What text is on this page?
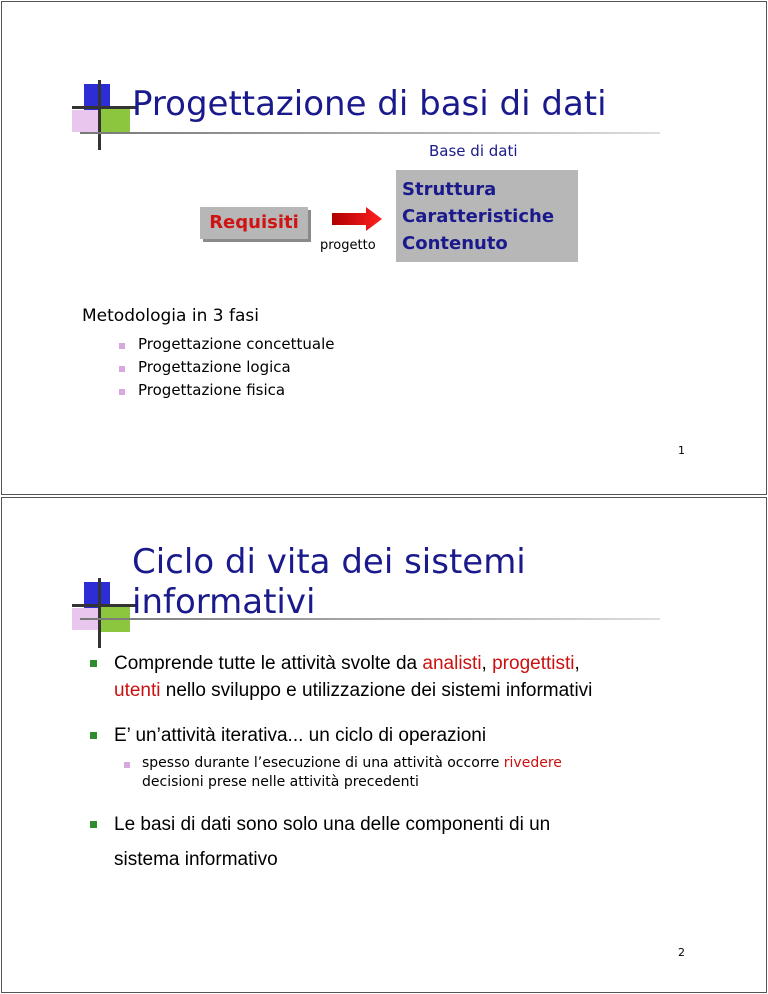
Progettazione di basi di dati
Base di dati
Requisiti
progetto
Struttura
Caratteristiche
Contenuto
Metodologia in 3 fasi
Progettazione concettuale
Progettazione logica
Progettazione fisica
1
Ciclo di vita dei sistemi
informativi
Comprende tutte le attività svolte da analisti, progettisti,
utenti nello sviluppo e utilizzazione dei sistemi informativi
E’ un’attività iterativa... un ciclo di operazioni
spesso durante l’esecuzione di una attività occorre rivedere
decisioni prese nelle attività precedenti
Le basi di dati sono solo una delle componenti di un
sistema informativo
2
